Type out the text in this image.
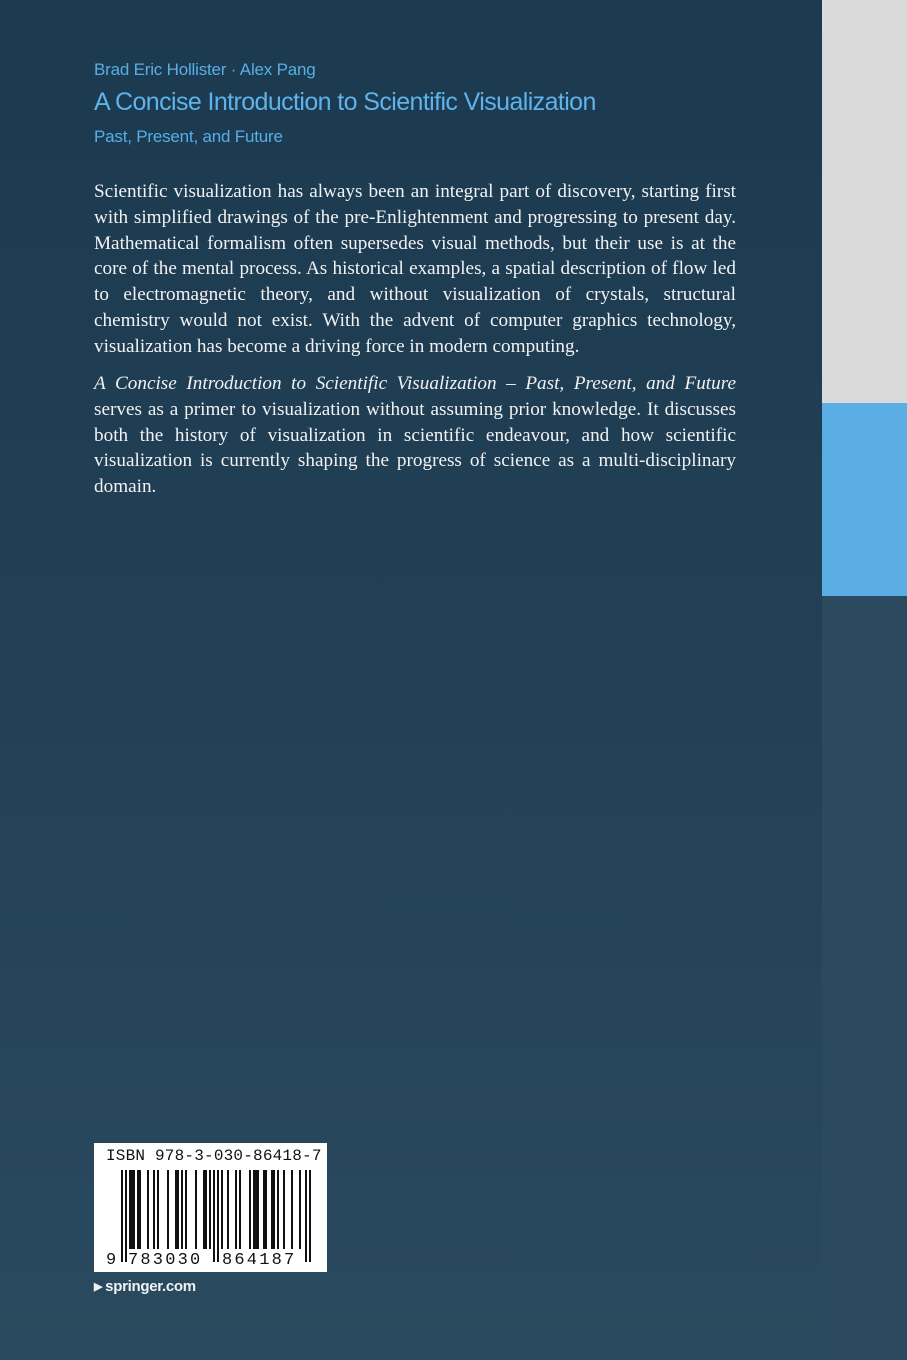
Brad Eric Hollister · Alex Pang
A Concise Introduction to Scientific Visualization
Past, Present, and Future

Scientific visualization has always been an integral part of discovery, starting first with simplified drawings of the pre-Enlightenment and progressing to present day. Mathematical formalism often supersedes visual methods, but their use is at the core of the mental process. As historical examples, a spatial description of flow led to electromagnetic theory, and without visualization of crystals, structural chemistry would not exist. With the advent of computer graphics technology, visualization has become a driving force in modern computing.

A Concise Introduction to Scientific Visualization – Past, Present, and Future serves as a primer to visualization without assuming prior knowledge. It discusses both the history of visualization in scientific endeavour, and how scientific visualization is currently shaping the progress of science as a multi-disciplinary domain.

ISBN 978-3-030-86418-7
9 783030 864187
▶ springer.com
